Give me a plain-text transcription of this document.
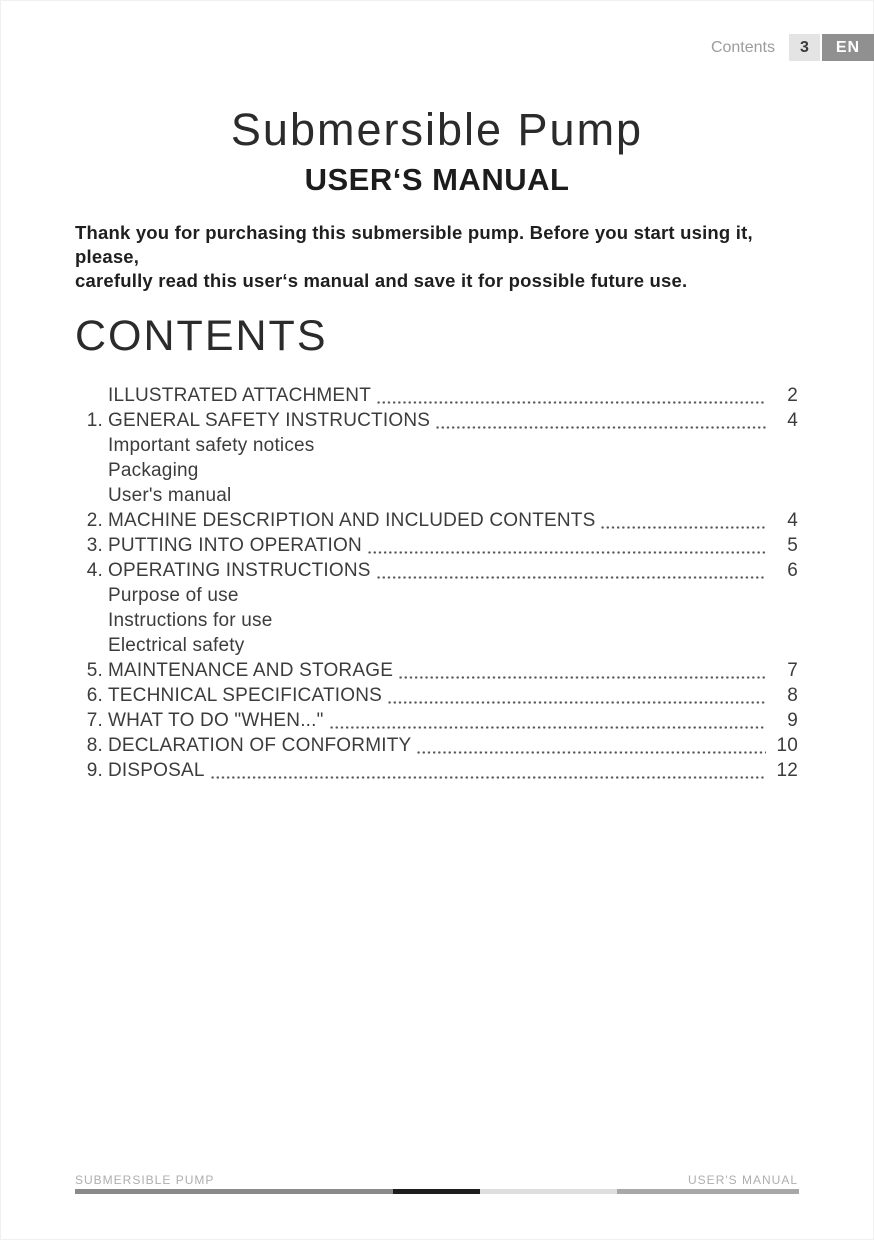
Contents	3	EN
Submersible Pump
USER‘S MANUAL
Thank you for purchasing this submersible pump. Before you start using it, please,
carefully read this user‘s manual and save it for possible future use.
CONTENTS
ILLUSTRATED ATTACHMENT	2
1. GENERAL SAFETY INSTRUCTIONS	4
Important safety notices
Packaging
User's manual
2. MACHINE DESCRIPTION AND INCLUDED CONTENTS	4
3. PUTTING INTO OPERATION	5
4. OPERATING INSTRUCTIONS	6
Purpose of use
Instructions for use
Electrical safety
5. MAINTENANCE AND STORAGE	7
6. TECHNICAL SPECIFICATIONS	8
7. WHAT TO DO "WHEN..."	9
8. DECLARATION OF CONFORMITY	10
9. DISPOSAL	12
SUBMERSIBLE PUMP	USER'S MANUAL
